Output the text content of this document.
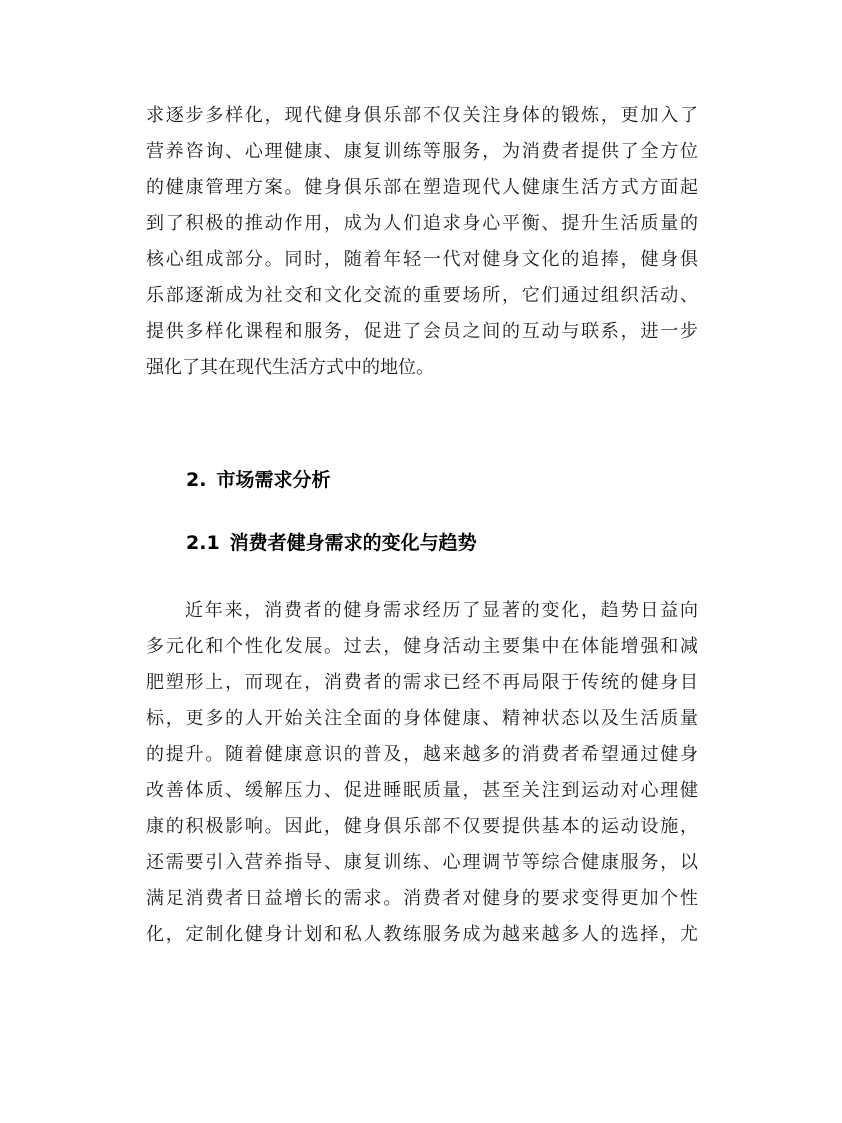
求逐步多样化，现代健身俱乐部不仅关注身体的锻炼，更加入了
营养咨询、心理健康、康复训练等服务，为消费者提供了全方位
的健康管理方案。健身俱乐部在塑造现代人健康生活方式方面起
到了积极的推动作用，成为人们追求身心平衡、提升生活质量的
核心组成部分。同时，随着年轻一代对健身文化的追捧，健身俱
乐部逐渐成为社交和文化交流的重要场所，它们通过组织活动、
提供多样化课程和服务，促进了会员之间的互动与联系，进一步
强化了其在现代生活方式中的地位。
2. 市场需求分析
2.1 消费者健身需求的变化与趋势
近年来，消费者的健身需求经历了显著的变化，趋势日益向
多元化和个性化发展。过去，健身活动主要集中在体能增强和减
肥塑形上，而现在，消费者的需求已经不再局限于传统的健身目
标，更多的人开始关注全面的身体健康、精神状态以及生活质量
的提升。随着健康意识的普及，越来越多的消费者希望通过健身
改善体质、缓解压力、促进睡眠质量，甚至关注到运动对心理健
康的积极影响。因此，健身俱乐部不仅要提供基本的运动设施，
还需要引入营养指导、康复训练、心理调节等综合健康服务，以
满足消费者日益增长的需求。消费者对健身的要求变得更加个性
化，定制化健身计划和私人教练服务成为越来越多人的选择，尤
